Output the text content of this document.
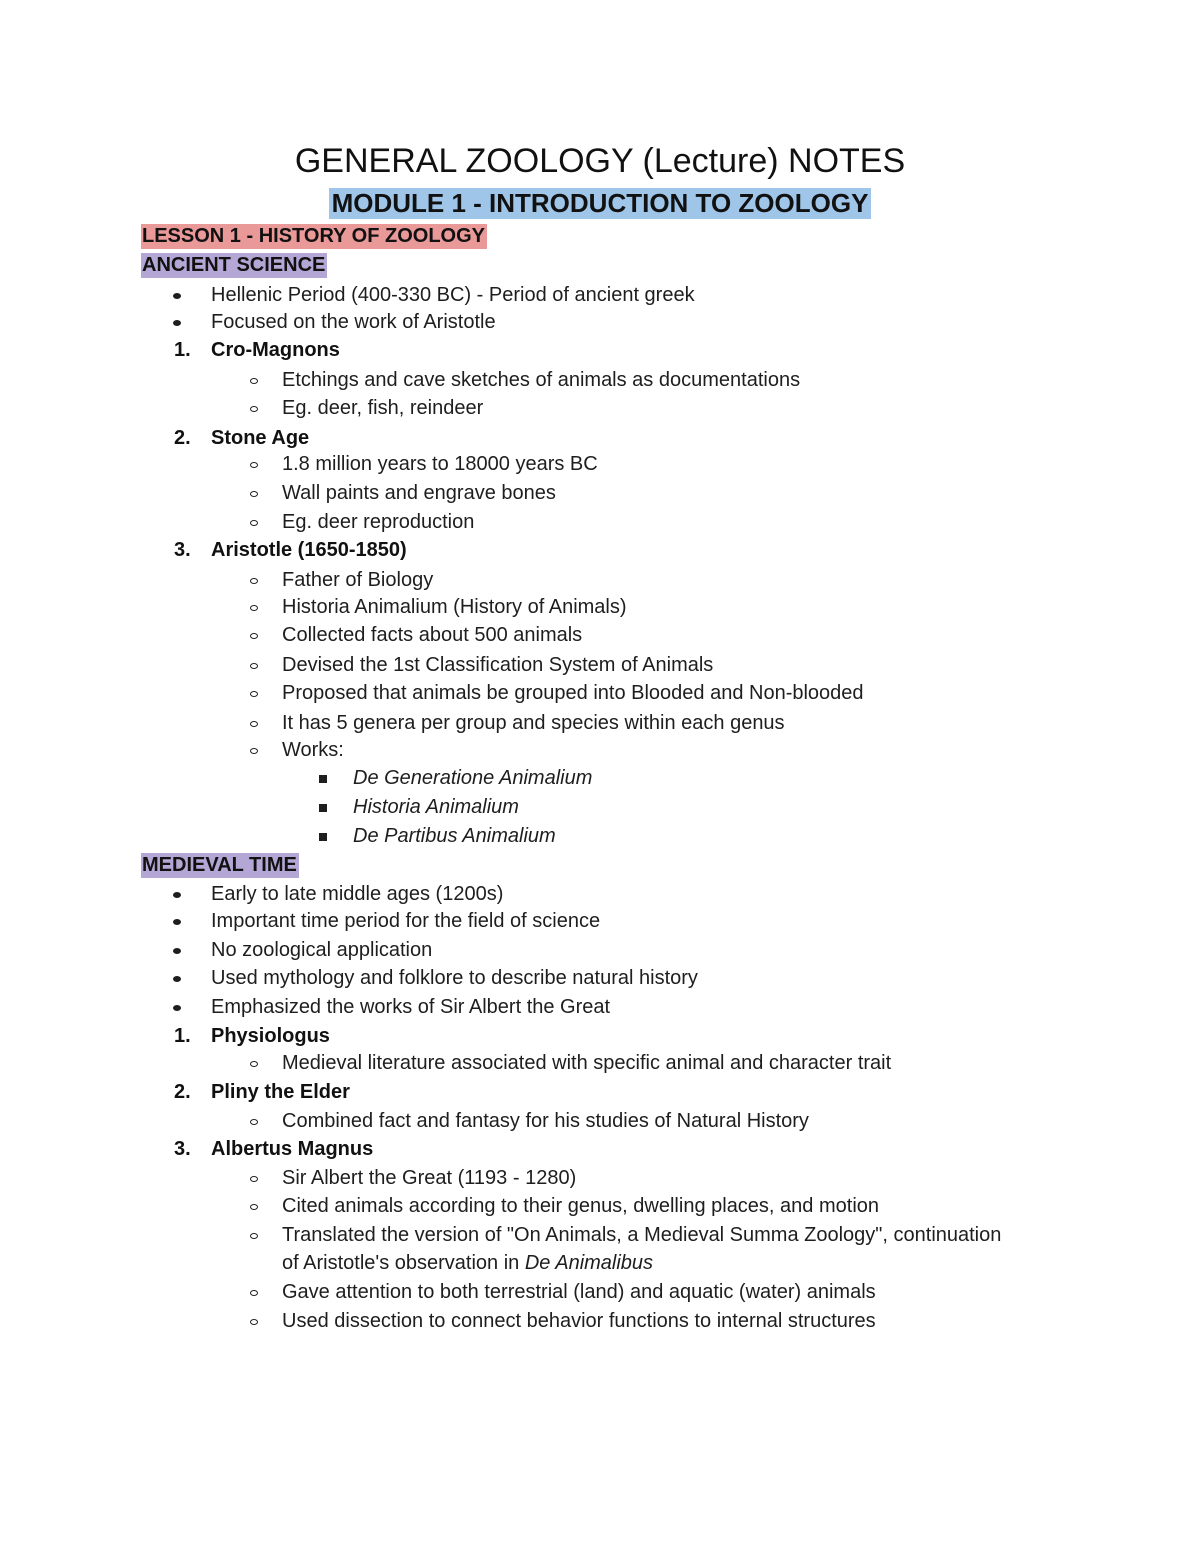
GENERAL ZOOLOGY (Lecture) NOTES
MODULE 1 - INTRODUCTION TO ZOOLOGY
LESSON 1 - HISTORY OF ZOOLOGY
ANCIENT SCIENCE
Hellenic Period (400-330 BC) - Period of ancient greek
Focused on the work of Aristotle
1.	Cro-Magnons
Etchings and cave sketches of animals as documentations
Eg. deer, fish, reindeer
2.	Stone Age
1.8 million years to 18000 years BC
Wall paints and engrave bones
Eg. deer reproduction
3.	Aristotle (1650-1850)
Father of Biology
Historia Animalium (History of Animals)
Collected facts about 500 animals
Devised the 1st Classification System of Animals
Proposed that animals be grouped into Blooded and Non-blooded
It has 5 genera per group and species within each genus
Works:
De Generatione Animalium
Historia Animalium
De Partibus Animalium
MEDIEVAL TIME
Early to late middle ages (1200s)
Important time period for the field of science
No zoological application
Used mythology and folklore to describe natural history
Emphasized the works of Sir Albert the Great
1.	Physiologus
Medieval literature associated with specific animal and character trait
2.	Pliny the Elder
Combined fact and fantasy for his studies of Natural History
3.	Albertus Magnus
Sir Albert the Great (1193 - 1280)
Cited animals according to their genus, dwelling places, and motion
Translated the version of "On Animals, a Medieval Summa Zoology", continuation
of Aristotle's observation in De Animalibus
Gave attention to both terrestrial (land) and aquatic (water) animals
Used dissection to connect behavior functions to internal structures
